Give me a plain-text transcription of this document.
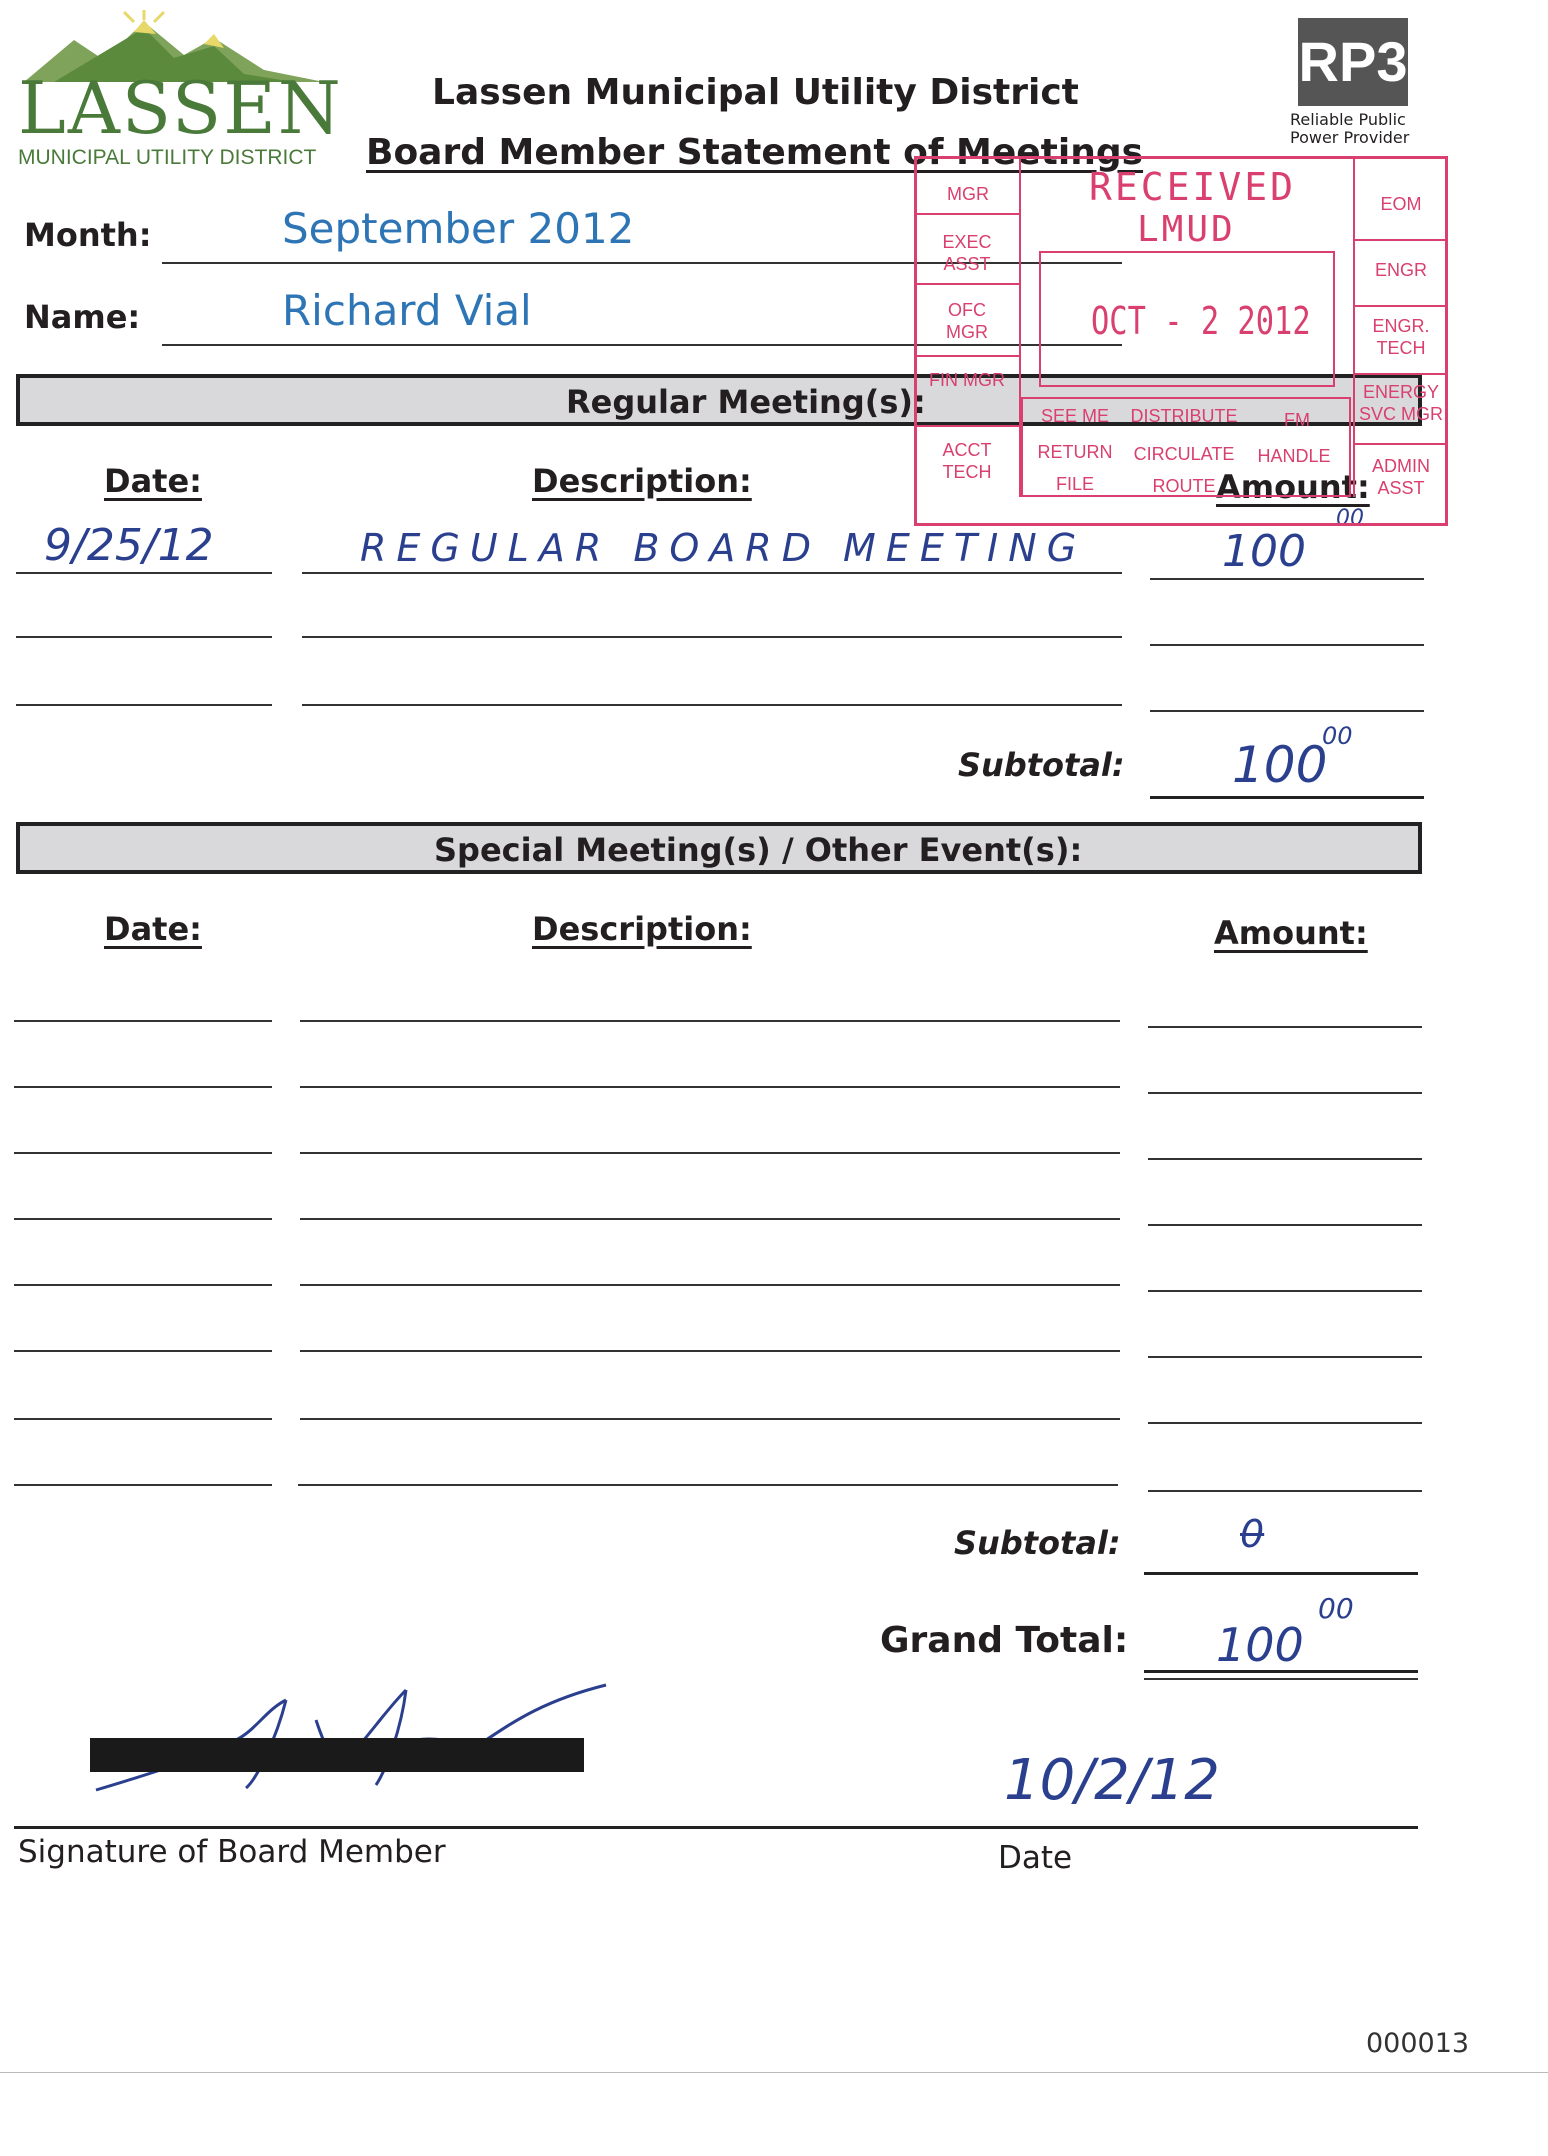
LASSEN
MUNICIPAL UTILITY DISTRICT
Lassen Municipal Utility District
Board Member Statement of Meetings
RP3
Reliable Public
Power Provider
Month:	September 2012
Name:	Richard Vial
Regular Meeting(s):
Date:	Description:	Amount:
9/25/12	REGULAR BOARD MEETING	100
00
Subtotal: 100
00
Special Meeting(s) / Other Event(s):
Date:	Description:	Amount:
Subtotal:	0
Grand Total: 100
00
10/2/12
Signature of Board Member	Date
000013
MGR
EXEC ASST
OFC MGR
FIN MGR
ACCT TECH
RECEIVED
LMUD
OCT - 2 2012
SEE ME	DISTRIBUTE	FM
RETURN	CIRCULATE	HANDLE
FILE	ROUTE
EOM
ENGR
ENGR. TECH
ENERGY SVC MGR
ADMIN ASST
